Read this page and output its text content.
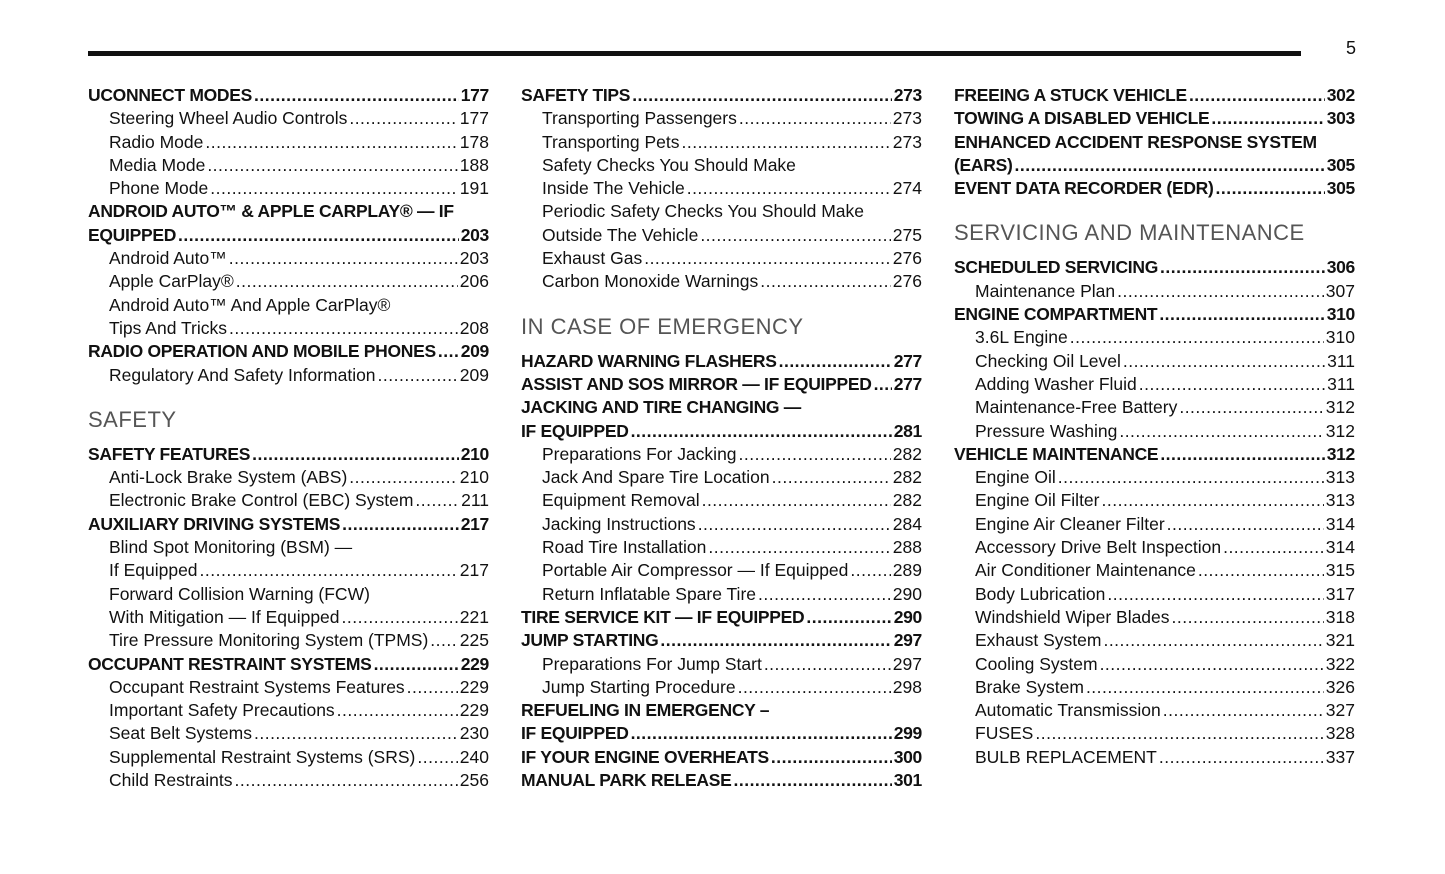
5
UCONNECT MODES .....	177
Steering Wheel Audio Controls .....	177
Radio Mode .....	178
Media Mode .....	188
Phone Mode .....	191
ANDROID AUTO™ & APPLE CARPLAY® — IF
EQUIPPED .....	203
Android Auto™ .....	203
Apple CarPlay® .....	206
Android Auto™ And Apple CarPlay®
Tips And Tricks .....	208
RADIO OPERATION AND MOBILE PHONES ..... 209
Regulatory And Safety Information .....	209
SAFETY
SAFETY FEATURES .....	210
Anti-Lock Brake System (ABS) .....	210
Electronic Brake Control (EBC) System .....	211
AUXILIARY DRIVING SYSTEMS .....	217
Blind Spot Monitoring (BSM) —
If Equipped .....	217
Forward Collision Warning (FCW)
With Mitigation — If Equipped .....	221
Tire Pressure Monitoring System (TPMS) ..... 225
OCCUPANT RESTRAINT SYSTEMS .....	229
Occupant Restraint Systems Features .....	229
Important Safety Precautions .....	229
Seat Belt Systems .....	230
Supplemental Restraint Systems (SRS) .....	240
Child Restraints .....	256
SAFETY TIPS .....	273
Transporting Passengers .....	273
Transporting Pets .....	273
Safety Checks You Should Make
Inside The Vehicle .....	274
Periodic Safety Checks You Should Make
Outside The Vehicle .....	275
Exhaust Gas .....	276
Carbon Monoxide Warnings .....	276
IN CASE OF EMERGENCY
HAZARD WARNING FLASHERS .....	277
ASSIST AND SOS MIRROR — IF EQUIPPED ..... 277
JACKING AND TIRE CHANGING —
IF EQUIPPED .....	281
Preparations For Jacking .....	282
Jack And Spare Tire Location .....	282
Equipment Removal .....	282
Jacking Instructions .....	284
Road Tire Installation .....	288
Portable Air Compressor — If Equipped .....	289
Return Inflatable Spare Tire .....	290
TIRE SERVICE KIT — IF EQUIPPED .....	290
JUMP STARTING .....	297
Preparations For Jump Start .....	297
Jump Starting Procedure .....	298
REFUELING IN EMERGENCY –
IF EQUIPPED .....	299
IF YOUR ENGINE OVERHEATS .....	300
MANUAL PARK RELEASE .....	301
FREEING A STUCK VEHICLE .....	302
TOWING A DISABLED VEHICLE .....	303
ENHANCED ACCIDENT RESPONSE SYSTEM
(EARS) .....	305
EVENT DATA RECORDER (EDR) .....	305
SERVICING AND MAINTENANCE
SCHEDULED SERVICING .....	306
Maintenance Plan .....	307
ENGINE COMPARTMENT .....	310
3.6L Engine .....	310
Checking Oil Level .....	311
Adding Washer Fluid .....	311
Maintenance-Free Battery .....	312
Pressure Washing .....	312
VEHICLE MAINTENANCE .....	312
Engine Oil .....	313
Engine Oil Filter .....	313
Engine Air Cleaner Filter .....	314
Accessory Drive Belt Inspection .....	314
Air Conditioner Maintenance .....	315
Body Lubrication .....	317
Windshield Wiper Blades .....	318
Exhaust System .....	321
Cooling System .....	322
Brake System .....	326
Automatic Transmission .....	327
FUSES .....	328
BULB REPLACEMENT .....	337
